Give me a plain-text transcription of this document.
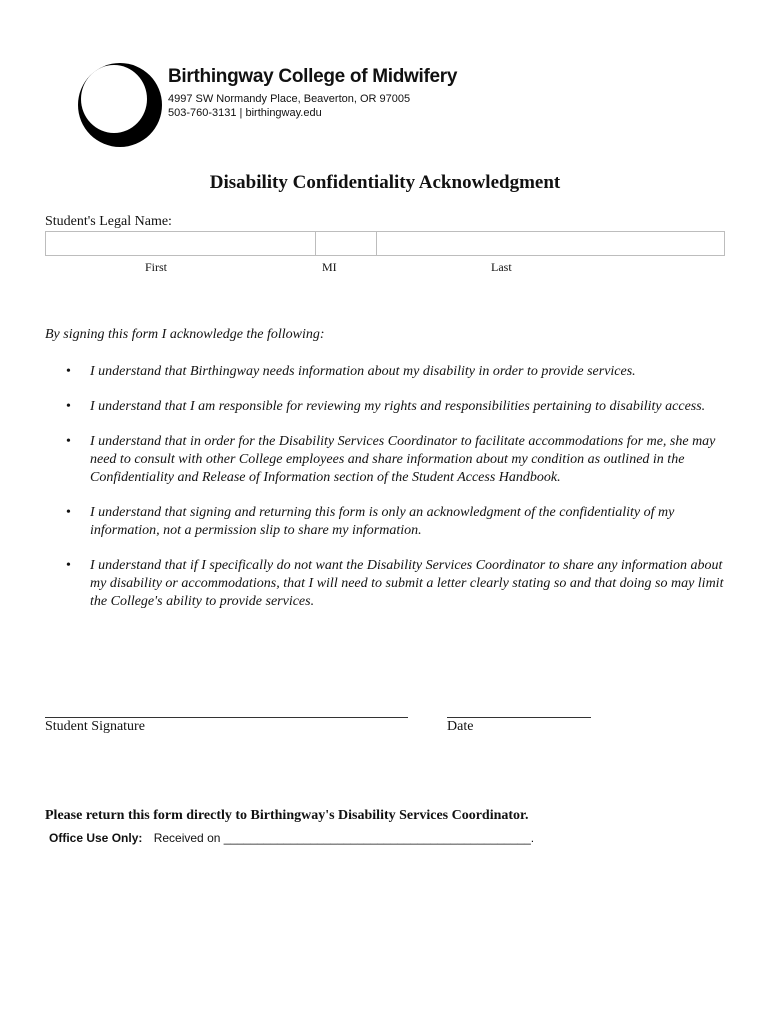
Birthingway College of Midwifery
4997 SW Normandy Place, Beaverton, OR 97005
503-760-3131 | birthingway.edu
Disability Confidentiality Acknowledgment
Student's Legal Name:
First	MI	Last
By signing this form I acknowledge the following:
• I understand that Birthingway needs information about my disability in order to provide services.
• I understand that I am responsible for reviewing my rights and responsibilities pertaining to disability access.
• I understand that in order for the Disability Services Coordinator to facilitate accommodations for me, she may need to consult with other College employees and share information about my condition as outlined in the Confidentiality and Release of Information section of the Student Access Handbook.
• I understand that signing and returning this form is only an acknowledgment of the confidentiality of my information, not a permission slip to share my information.
• I understand that if I specifically do not want the Disability Services Coordinator to share any information about my disability or accommodations, that I will need to submit a letter clearly stating so and that doing so may limit the College's ability to provide services.
Student Signature	Date
Please return this form directly to Birthingway's Disability Services Coordinator.
Office Use Only: Received on ______________________________________________.
